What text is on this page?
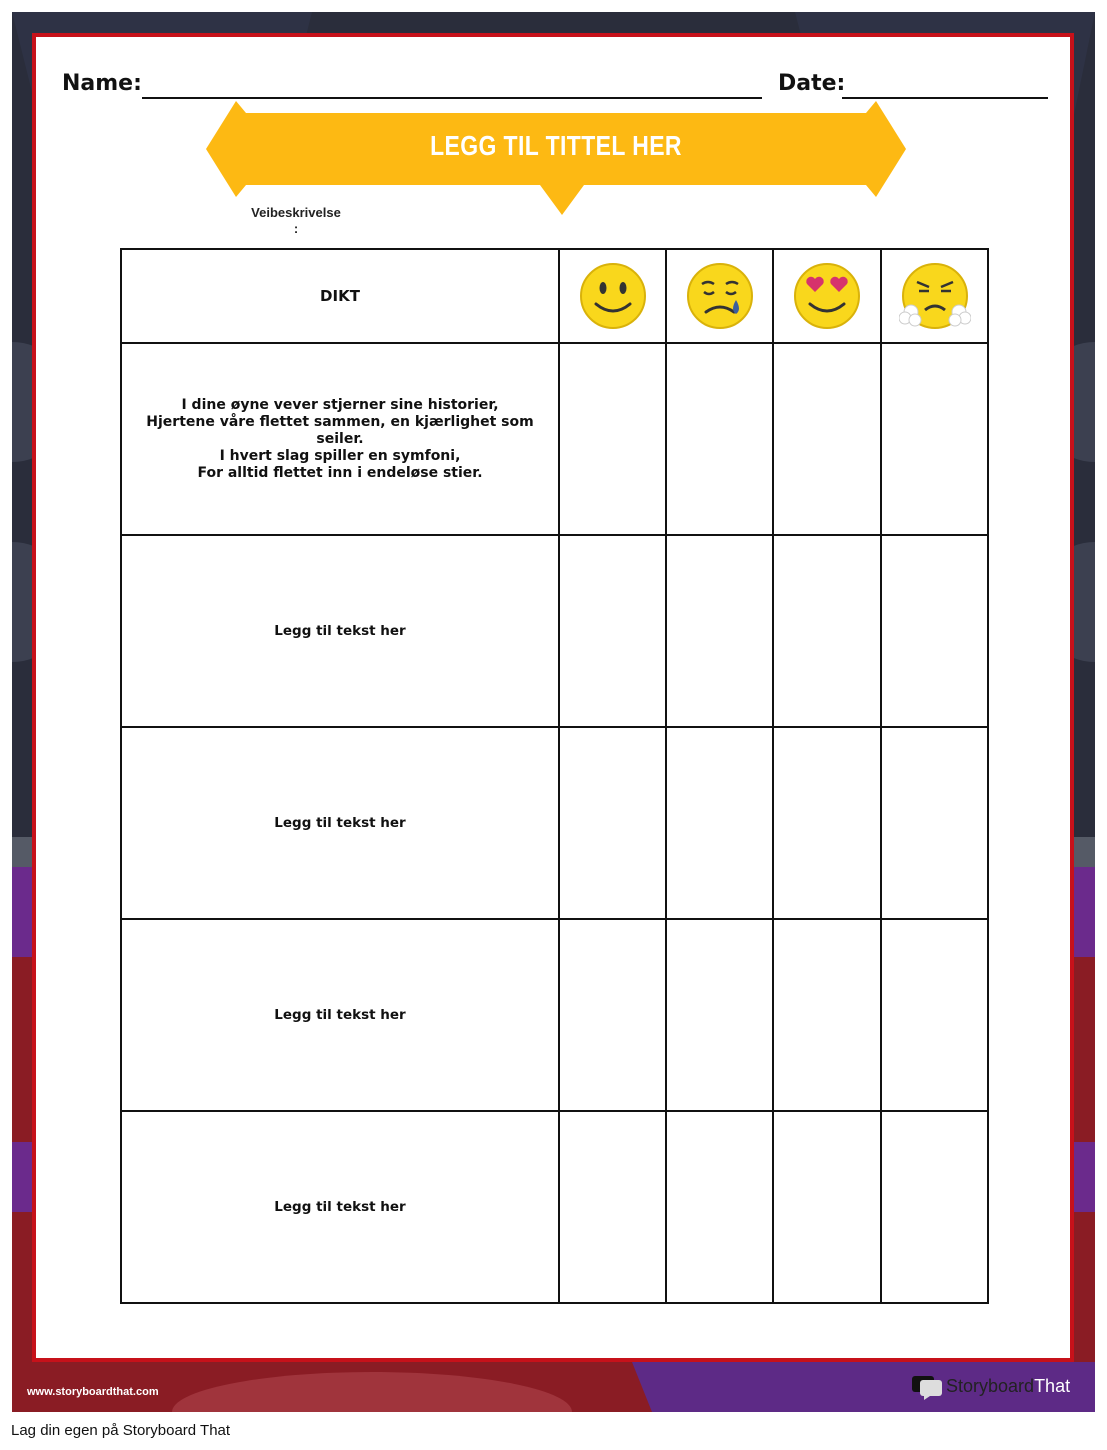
Name:	Date:
LEGG TIL TITTEL HER
Veibeskrivelse
:
DIKT	

I dine øyne vever stjerner sine historier,
Hjertene våre flettet sammen, en kjærlighet som seiler.
I hvert slag spiller en symfoni,
For alltid flettet inn i endeløse stier.				
Legg til tekst her				
Legg til tekst her				
Legg til tekst her				
Legg til tekst her				
www.storyboardthat.com	StoryboardThat
Lag din egen på Storyboard That
